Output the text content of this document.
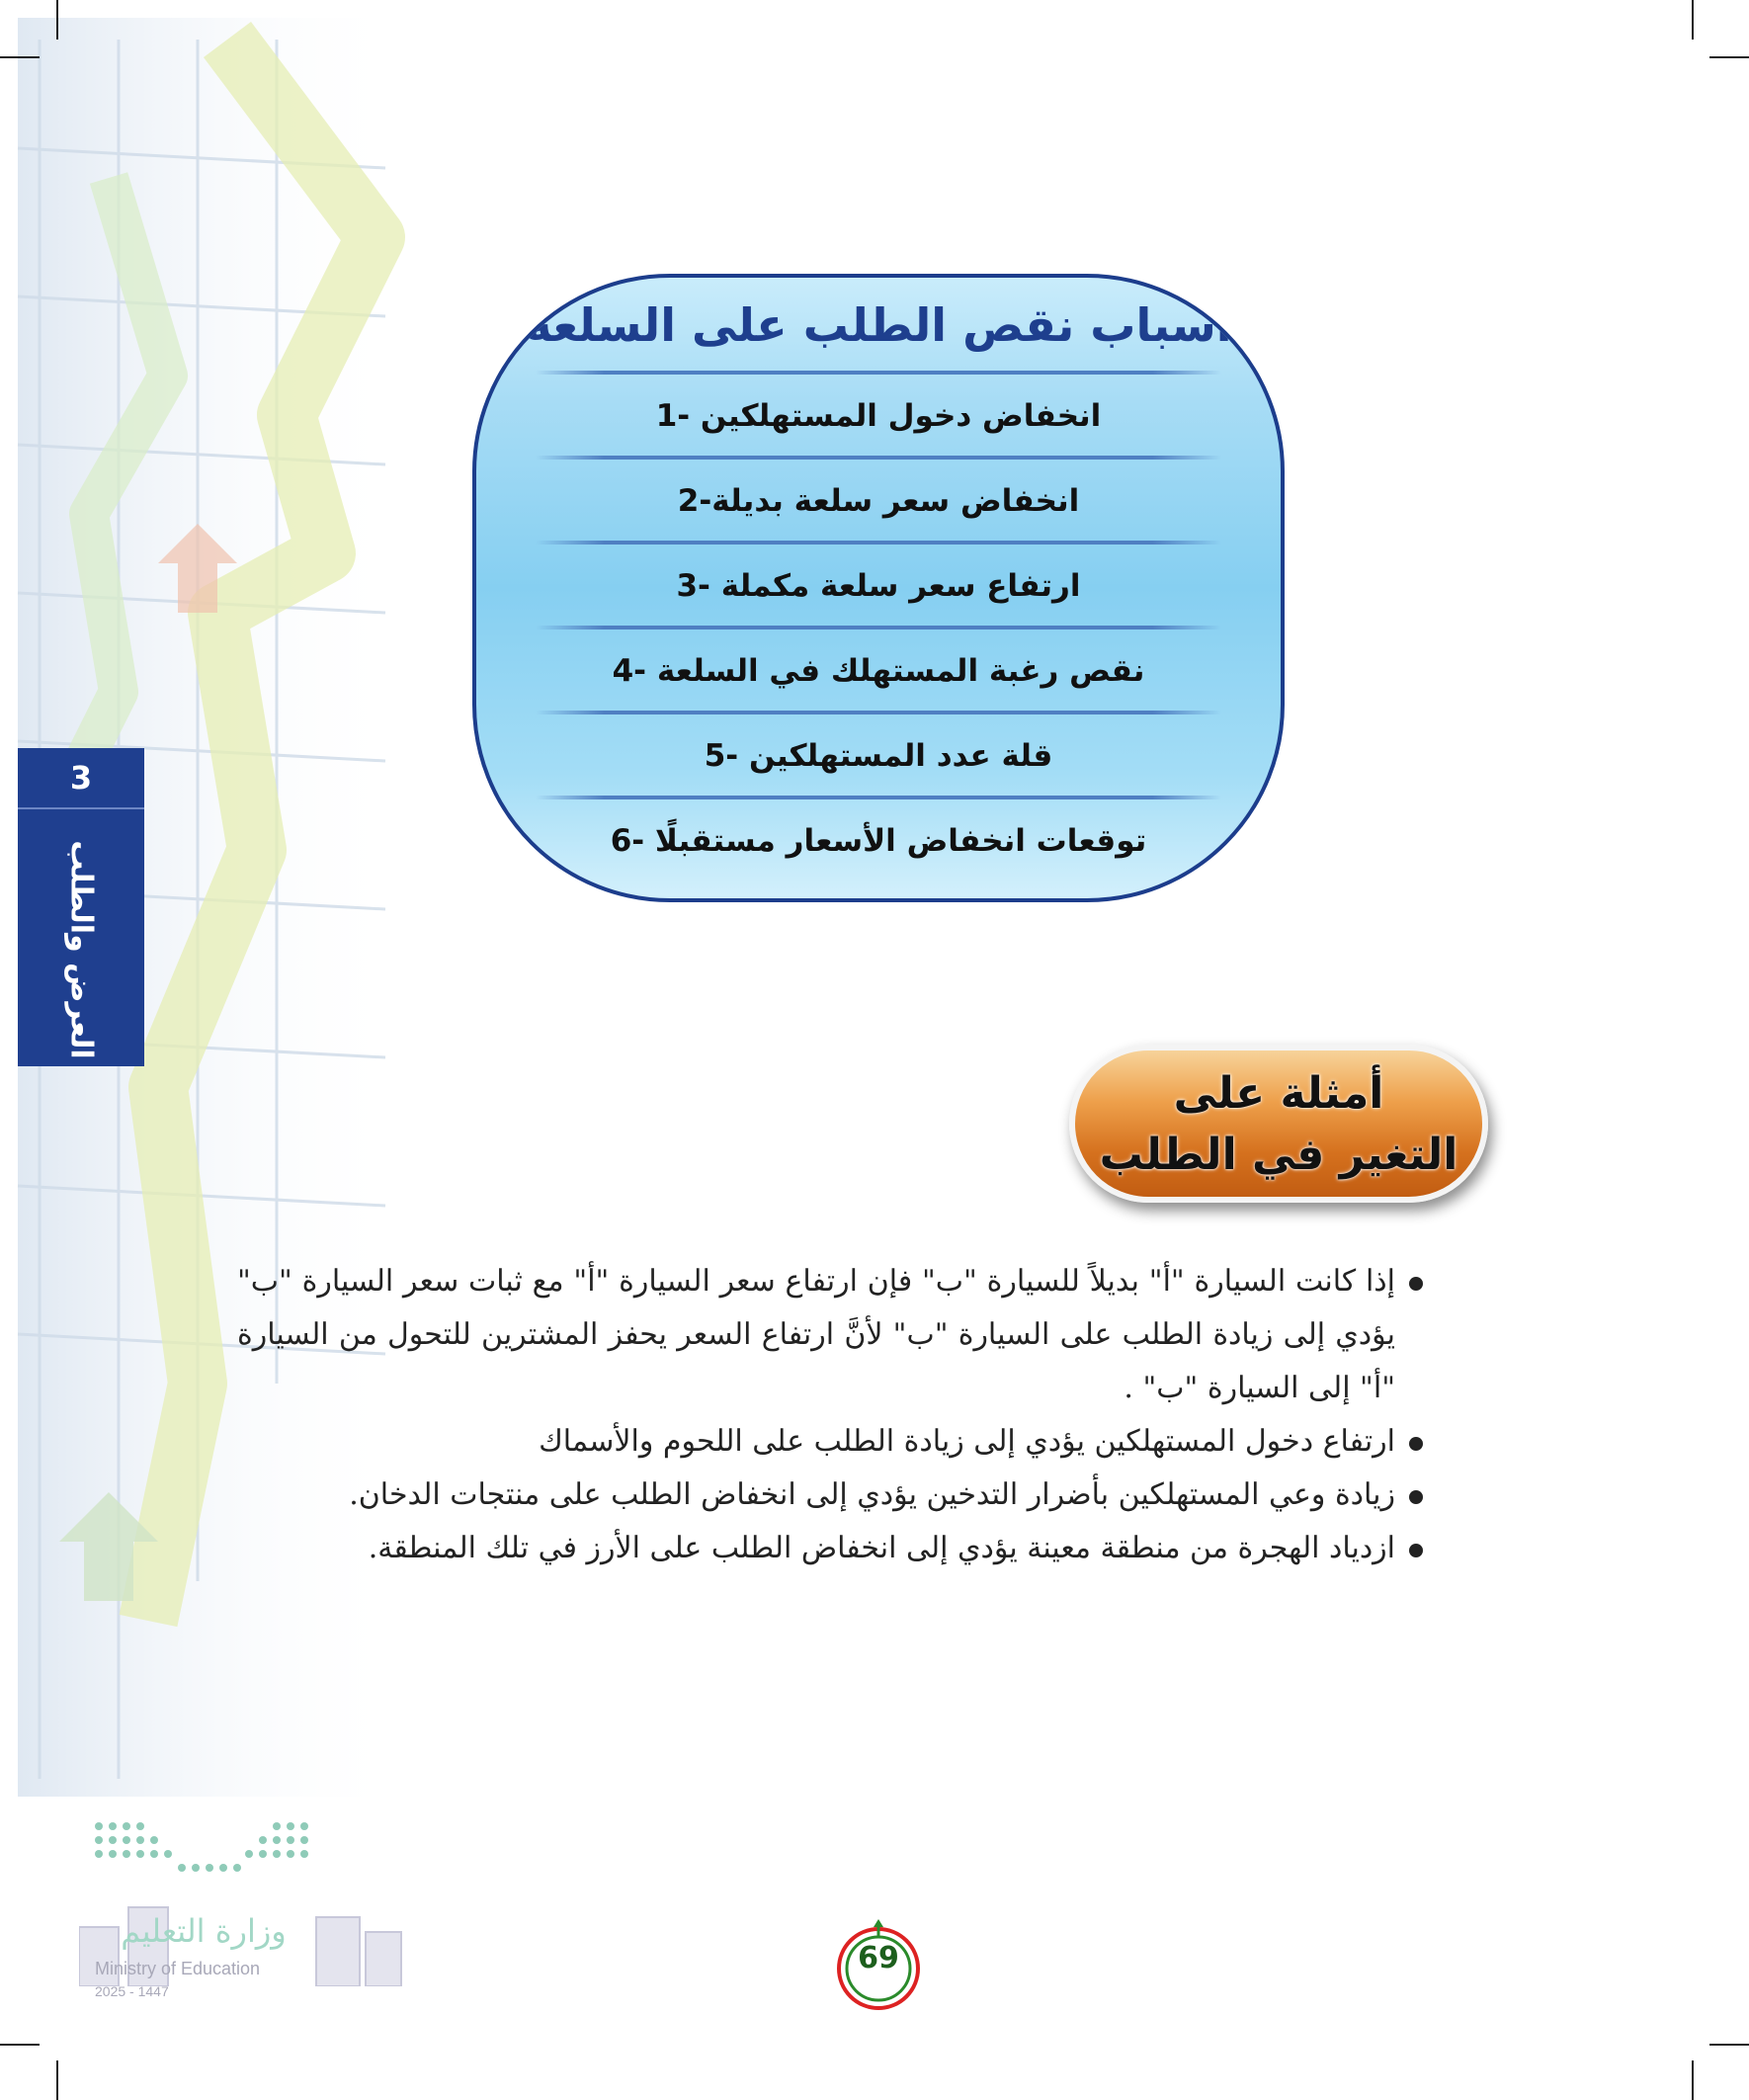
3
العرض والطلب
أسباب نقص الطلب على السلعة
1- انخفاض دخول المستهلكين
2-انخفاض سعر سلعة بديلة
3- ارتفاع سعر سلعة مكملة
4- نقص رغبة المستهلك في السلعة
5- قلة عدد المستهلكين
6- توقعات انخفاض الأسعار مستقبلًا
أمثلة على
التغير في الطلب
إذا كانت السيارة "أ" بديلاً للسيارة "ب" فإن ارتفاع سعر السيارة "أ" مع ثبات سعر السيارة "ب" يؤدي إلى زيادة الطلب على السيارة "ب" لأنَّ ارتفاع السعر يحفز المشترين للتحول من السيارة "أ" إلى السيارة "ب" .
ارتفاع دخول المستهلكين يؤدي إلى زيادة الطلب على اللحوم والأسماك
زيادة وعي المستهلكين بأضرار التدخين يؤدي إلى انخفاض الطلب على منتجات الدخان.
ازدياد الهجرة من منطقة معينة يؤدي إلى انخفاض الطلب على الأرز في تلك المنطقة.
69
وزارة التعليم
Ministry of Education
2025 - 1447
